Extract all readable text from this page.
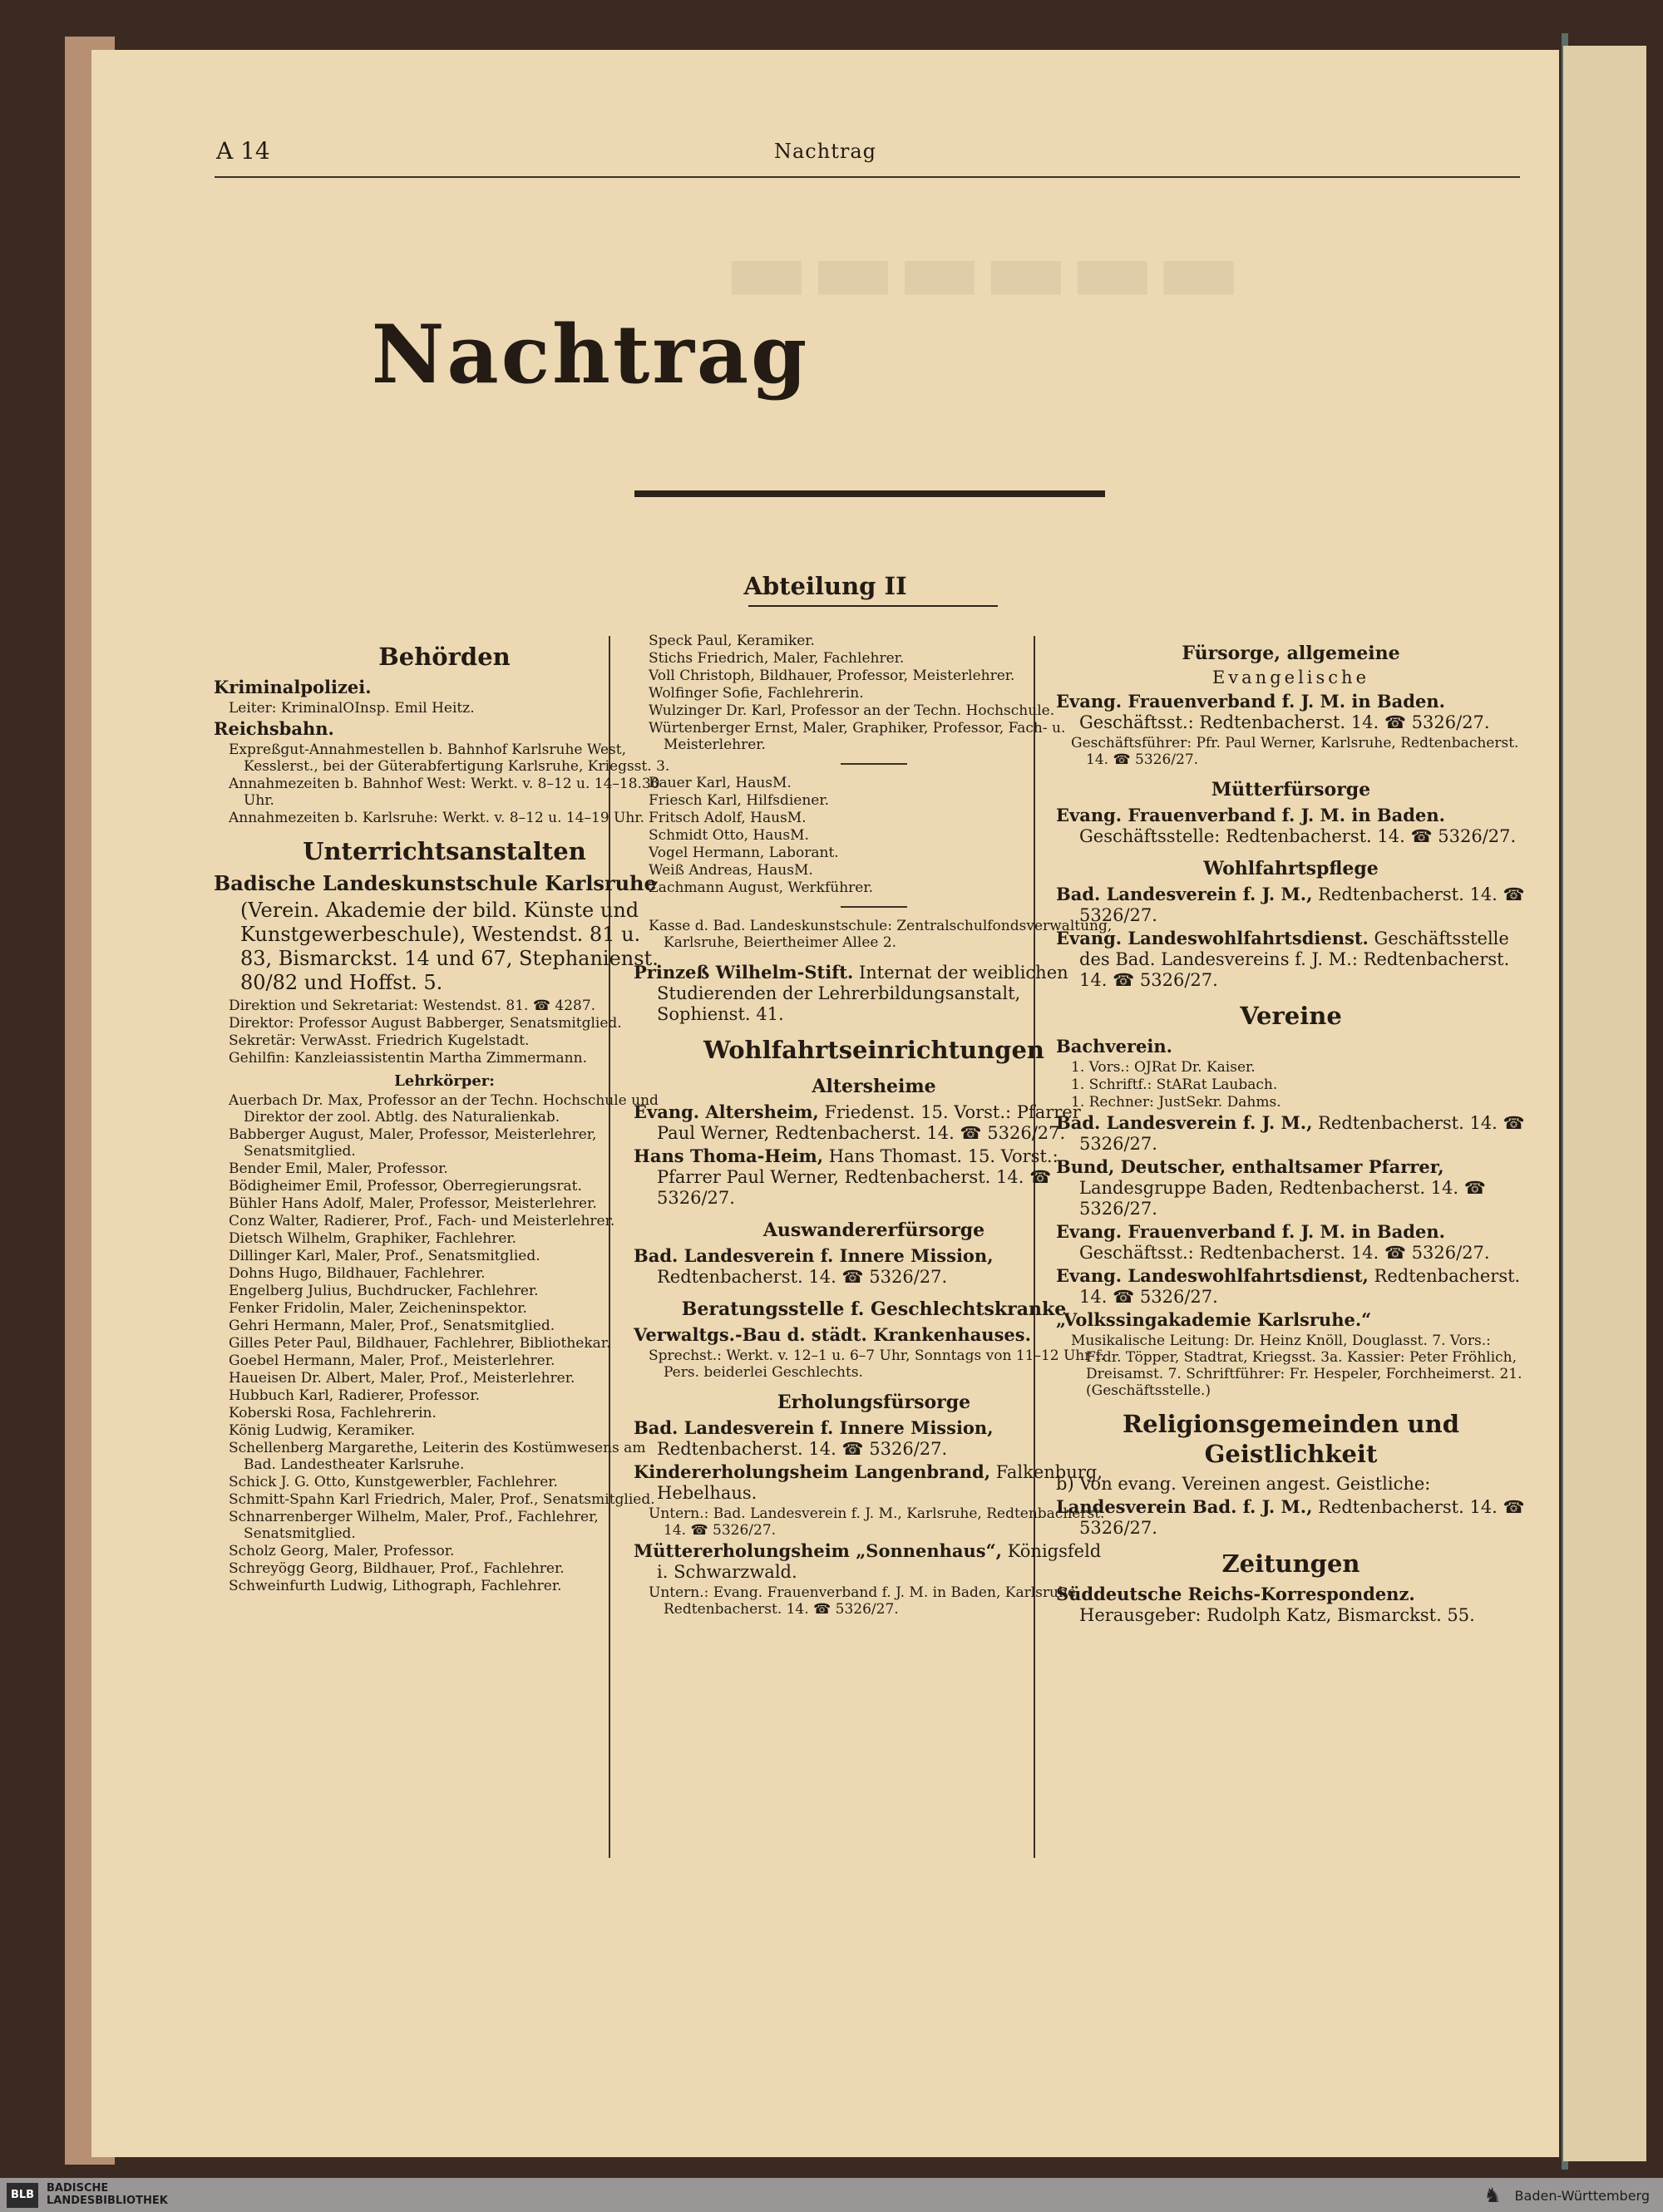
▬▬▬▬▬▬
A 14	Nachtrag
Nachtrag
Abteilung II
Behörden
Kriminalpolizei.
Leiter: KriminalOInsp. Emil Heitz.
Reichsbahn.
Expreßgut-Annahmestellen b. Bahnhof Karlsruhe West, Kesslerst., bei der Güterabfertigung Karlsruhe, Kriegsst. 3.
Annahmezeiten b. Bahnhof West: Werkt. v. 8–12 u. 14–18.30 Uhr.
Annahmezeiten b. Karlsruhe: Werkt. v. 8–12 u. 14–19 Uhr.
Unterrichtsanstalten
Badische Landeskunstschule Karlsruhe
(Verein. Akademie der bild. Künste und Kunstgewerbeschule), Westendst. 81 u. 83, Bismarckst. 14 und 67, Stephanienst. 80/82 und Hoffst. 5.
Direktion und Sekretariat: Westendst. 81. ☎ 4287.
Direktor: Professor August Babberger, Senatsmitglied.
Sekretär: VerwAsst. Friedrich Kugelstadt.
Gehilfin: Kanzleiassistentin Martha Zimmermann.
Lehrkörper:
Auerbach Dr. Max, Professor an der Techn. Hochschule und Direktor der zool. Abtlg. des Naturalienkab.
Babberger August, Maler, Professor, Meisterlehrer, Senatsmitglied.
Bender Emil, Maler, Professor.
Bödigheimer Emil, Professor, Oberregierungsrat.
Bühler Hans Adolf, Maler, Professor, Meisterlehrer.
Conz Walter, Radierer, Prof., Fach- und Meisterlehrer.
Dietsch Wilhelm, Graphiker, Fachlehrer.
Dillinger Karl, Maler, Prof., Senatsmitglied.
Dohns Hugo, Bildhauer, Fachlehrer.
Engelberg Julius, Buchdrucker, Fachlehrer.
Fenker Fridolin, Maler, Zeicheninspektor.
Gehri Hermann, Maler, Prof., Senatsmitglied.
Gilles Peter Paul, Bildhauer, Fachlehrer, Bibliothekar.
Goebel Hermann, Maler, Prof., Meisterlehrer.
Haueisen Dr. Albert, Maler, Prof., Meisterlehrer.
Hubbuch Karl, Radierer, Professor.
Koberski Rosa, Fachlehrerin.
König Ludwig, Keramiker.
Schellenberg Margarethe, Leiterin des Kostümwesens am Bad. Landestheater Karlsruhe.
Schick J. G. Otto, Kunstgewerbler, Fachlehrer.
Schmitt-Spahn Karl Friedrich, Maler, Prof., Senatsmitglied.
Schnarrenberger Wilhelm, Maler, Prof., Fachlehrer, Senatsmitglied.
Scholz Georg, Maler, Professor.
Schreyögg Georg, Bildhauer, Prof., Fachlehrer.
Schweinfurth Ludwig, Lithograph, Fachlehrer.
Speck Paul, Keramiker.
Stichs Friedrich, Maler, Fachlehrer.
Voll Christoph, Bildhauer, Professor, Meisterlehrer.
Wolfinger Sofie, Fachlehrerin.
Wulzinger Dr. Karl, Professor an der Techn. Hochschule.
Würtenberger Ernst, Maler, Graphiker, Professor, Fach- u. Meisterlehrer.
Bauer Karl, HausM.
Friesch Karl, Hilfsdiener.
Fritsch Adolf, HausM.
Schmidt Otto, HausM.
Vogel Hermann, Laborant.
Weiß Andreas, HausM.
Zachmann August, Werkführer.
Kasse d. Bad. Landeskunstschule: Zentralschulfondsverwaltung, Karlsruhe, Beiertheimer Allee 2.
Prinzeß Wilhelm-Stift. Internat der weiblichen Studierenden der Lehrerbildungsanstalt, Sophienst. 41.
Wohlfahrtseinrichtungen
Altersheime
Evang. Altersheim, Friedenst. 15. Vorst.: Pfarrer Paul Werner, Redtenbacherst. 14. ☎ 5326/27.
Hans Thoma-Heim, Hans Thomast. 15. Vorst.: Pfarrer Paul Werner, Redtenbacherst. 14. ☎ 5326/27.
Auswandererfürsorge
Bad. Landesverein f. Innere Mission, Redtenbacherst. 14. ☎ 5326/27.
Beratungsstelle f. Geschlechtskranke
Verwaltgs.-Bau d. städt. Krankenhauses.
Sprechst.: Werkt. v. 12–1 u. 6–7 Uhr, Sonntags von 11–12 Uhr f. Pers. beiderlei Geschlechts.
Erholungsfürsorge
Bad. Landesverein f. Innere Mission, Redtenbacherst. 14. ☎ 5326/27.
Kindererholungsheim Langenbrand, Falkenburg, Hebelhaus.
Untern.: Bad. Landesverein f. J. M., Karlsruhe, Redtenbacherst. 14. ☎ 5326/27.
Müttererholungsheim „Sonnenhaus“, Königsfeld i. Schwarzwald.
Untern.: Evang. Frauenverband f. J. M. in Baden, Karlsruhe, Redtenbacherst. 14. ☎ 5326/27.
Fürsorge, allgemeine
Evangelische
Evang. Frauenverband f. J. M. in Baden. Geschäftsst.: Redtenbacherst. 14. ☎ 5326/27.
Geschäftsführer: Pfr. Paul Werner, Karlsruhe, Redtenbacherst. 14. ☎ 5326/27.
Mütterfürsorge
Evang. Frauenverband f. J. M. in Baden. Geschäftsstelle: Redtenbacherst. 14. ☎ 5326/27.
Wohlfahrtspflege
Bad. Landesverein f. J. M., Redtenbacherst. 14. ☎ 5326/27.
Evang. Landeswohlfahrtsdienst. Geschäftsstelle des Bad. Landesvereins f. J. M.: Redtenbacherst. 14. ☎ 5326/27.
Vereine
Bachverein.
1. Vors.: OJRat Dr. Kaiser.
1. Schriftf.: StARat Laubach.
1. Rechner: JustSekr. Dahms.
Bad. Landesverein f. J. M., Redtenbacherst. 14. ☎ 5326/27.
Bund, Deutscher, enthaltsamer Pfarrer, Landesgruppe Baden, Redtenbacherst. 14. ☎ 5326/27.
Evang. Frauenverband f. J. M. in Baden. Geschäftsst.: Redtenbacherst. 14. ☎ 5326/27.
Evang. Landeswohlfahrtsdienst, Redtenbacherst. 14. ☎ 5326/27.
„Volkssingakademie Karlsruhe.“
Musikalische Leitung: Dr. Heinz Knöll, Douglasst. 7. Vors.: Frdr. Töpper, Stadtrat, Kriegsst. 3a. Kassier: Peter Fröhlich, Dreisamst. 7. Schriftführer: Fr. Hespeler, Forchheimerst. 21. (Geschäftsstelle.)
Religionsgemeinden und Geistlichkeit
b) Von evang. Vereinen angest. Geistliche:
Landesverein Bad. f. J. M., Redtenbacherst. 14. ☎ 5326/27.
Zeitungen
Süddeutsche Reichs-Korrespondenz. Herausgeber: Rudolph Katz, Bismarckst. 55.
BLB
BADISCHE
LANDESBIBLIOTHEK	♞ Baden-Württemberg
